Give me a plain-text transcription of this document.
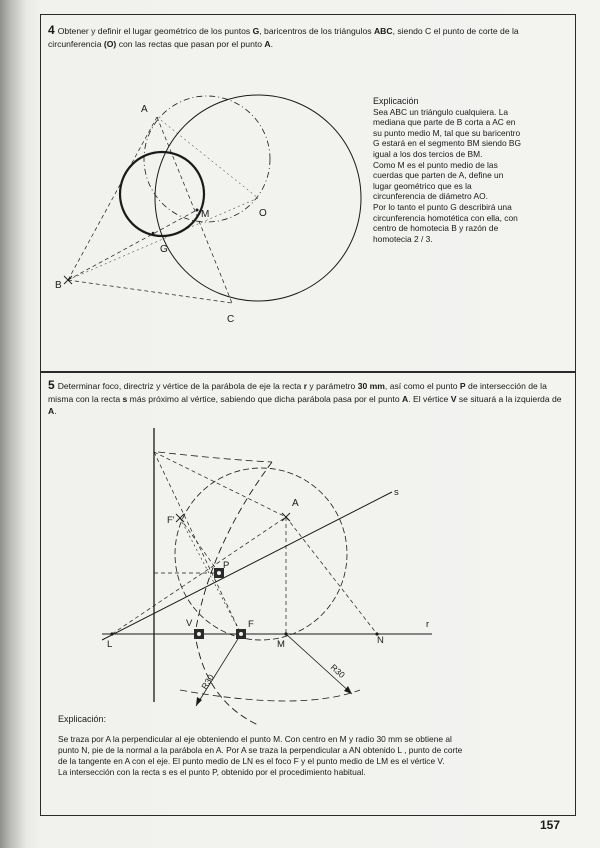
4 Obtener y definir el lugar geométrico de los puntos G, baricentros de los triángulos ABC, siendo C el punto de corte de la circunferencia (O) con las rectas que pasan por el punto A.

Explicación

Sea ABC un triángulo cualquiera. La

mediana que parte de B corta a AC en

su punto medio M, tal que su baricentro

G estará en el segmento BM siendo BG

igual a los dos tercios de BM.

Como M es el punto medio de las

cuerdas que parten de A, define un

lugar geométrico que es la

circunferencia de diámetro AO.

Por lo tanto el punto G describirá una

circunferencia homotética con ella, con

centro de homotecia B y razón de

homotecia 2 / 3.

A
B
C
G
M	O
5 Determinar foco, directriz y vértice de la parábola de eje la recta r y parámetro 30 mm, así como el punto P de intersección de la misma con la recta s más próximo al vértice, sabiendo que dicha parábola pasa por el punto A. El vértice V se situará a la izquierda de A.
A
F'
P
V	F
L	M	N
s
r
R30
R30

Explicación:

Se traza por A la perpendicular al eje obteniendo el punto M. Con centro en M y radio 30 mm se obtiene al

punto N, pie de la normal a la parábola en A. Por A se traza la perpendicular a AN obtenido L , punto de corte

de la tangente en A con el eje. El punto medio de LN es el foco F y el punto medio de LM es el vértice V.

La intersección con la recta s es el punto P, obtenido por el procedimiento habitual.

157
